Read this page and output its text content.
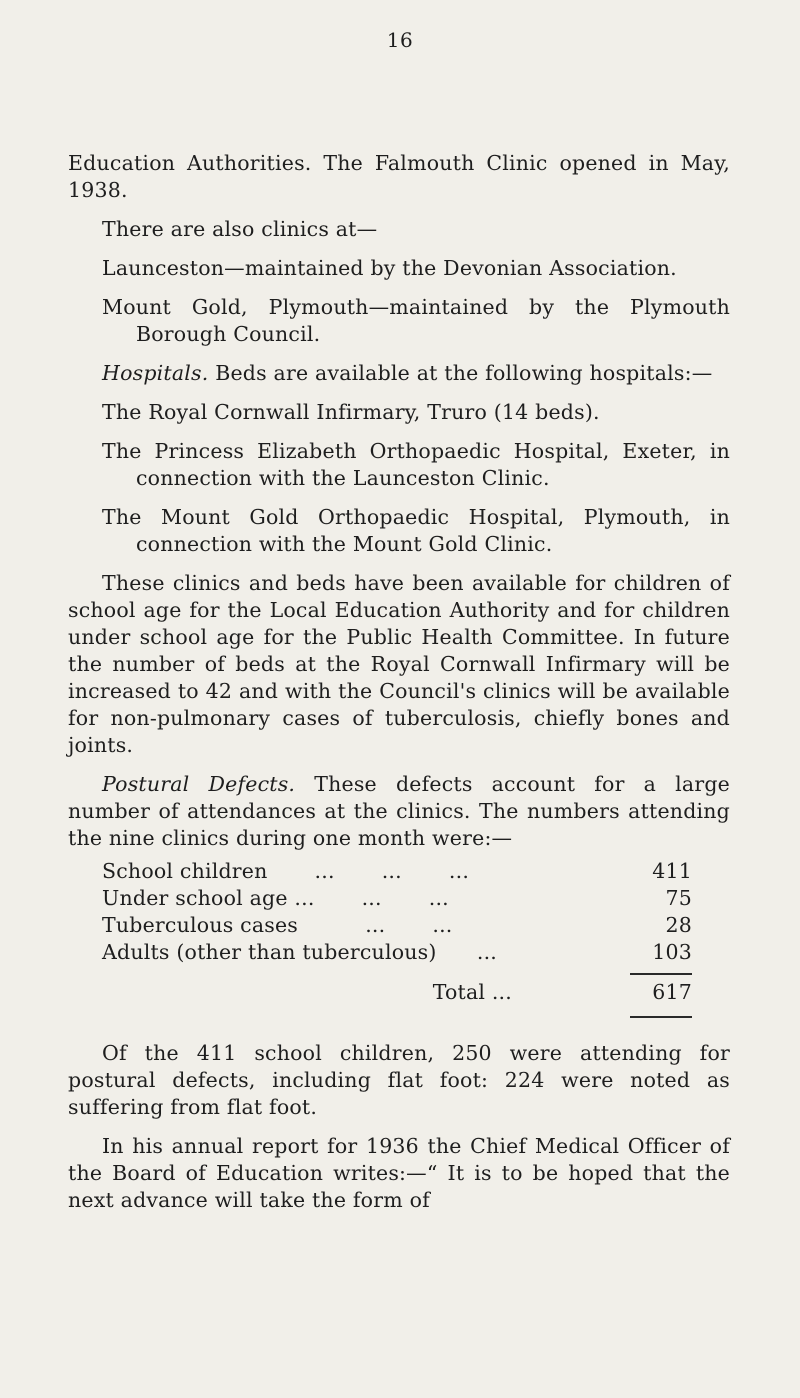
16

Education Authorities. The Falmouth Clinic opened in May, 1938.

There are also clinics at—

Launceston—maintained by the Devonian Association.

Mount Gold, Plymouth—maintained by the Plymouth Borough Council.

Hospitals. Beds are available at the following hospitals:—

The Royal Cornwall Infirmary, Truro (14 beds).

The Princess Elizabeth Orthopaedic Hospital, Exeter, in connection with the Launceston Clinic.

The Mount Gold Orthopaedic Hospital, Plymouth, in connection with the Mount Gold Clinic.

These clinics and beds have been available for children of school age for the Local Education Authority and for children under school age for the Public Health Committee. In future the number of beds at the Royal Cornwall Infirmary will be increased to 42 and with the Council's clinics will be available for non-pulmonary cases of tuberculosis, chiefly bones and joints.

Postural Defects. These defects account for a large number of attendances at the clinics. The numbers attending the nine clinics during one month were:—

School children       ...       ...       ...	411
Under school age ...       ...       ...	75
Tuberculous cases          ...       ...	28
Adults (other than tuberculous)      ...	103
Total ...	617

Of the 411 school children, 250 were attending for postural defects, including flat foot: 224 were noted as suffering from flat foot.

In his annual report for 1936 the Chief Medical Officer of the Board of Education writes:—“ It is to be hoped that the next advance will take the form of
